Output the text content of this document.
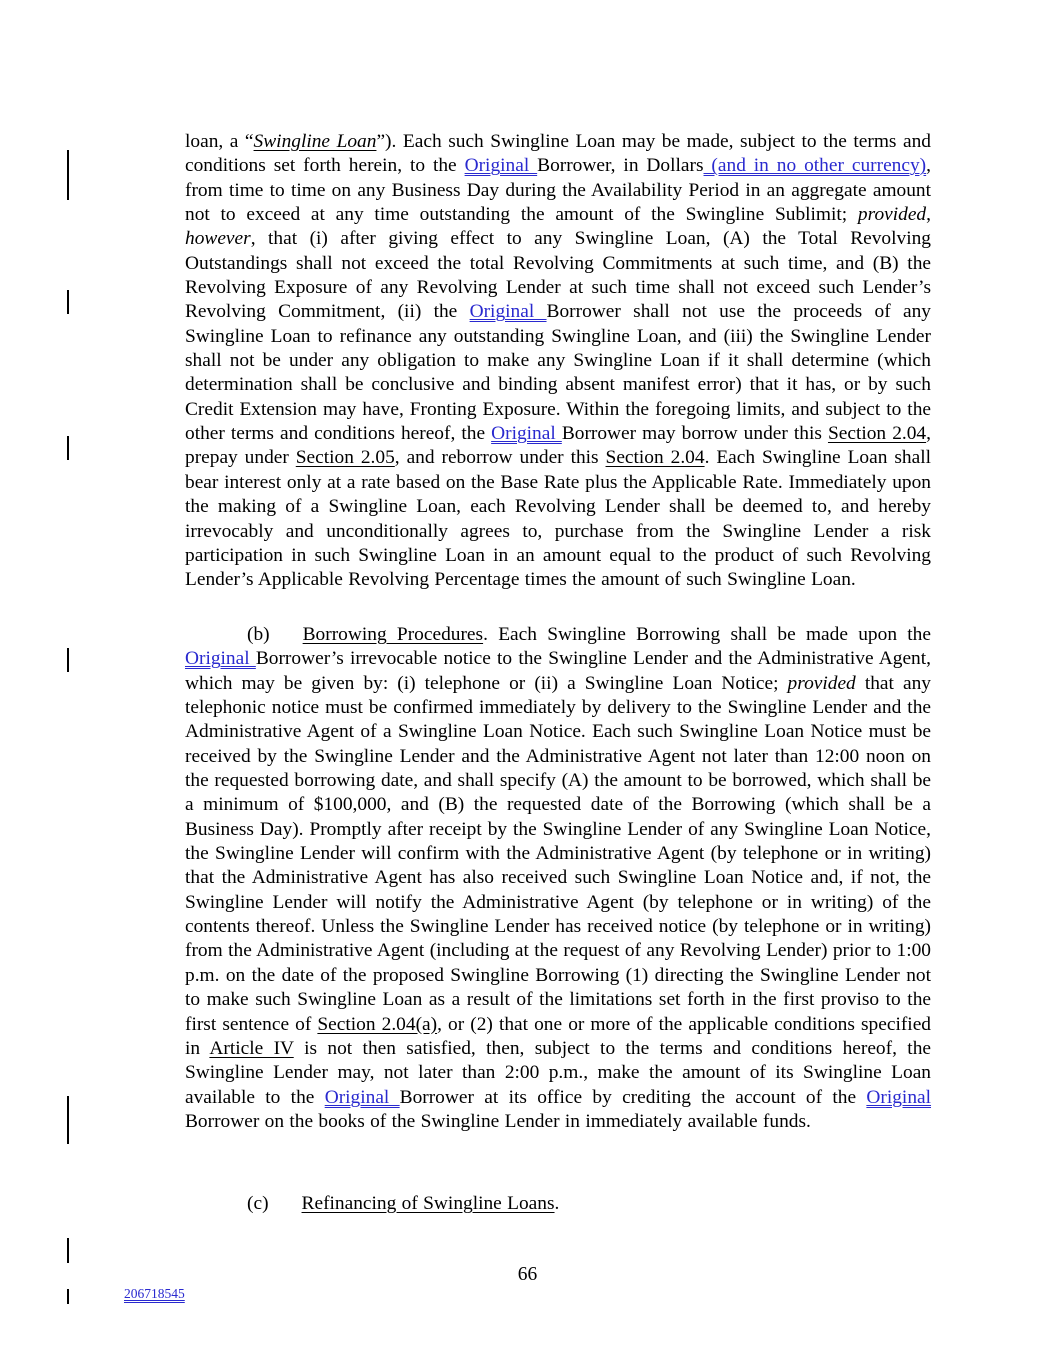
loan, a “Swingline Loan”). Each such Swingline Loan may be made, subject to the terms and conditions set forth herein, to the Original Borrower, in Dollars (and in no other currency), from time to time on any Business Day during the Availability Period in an aggregate amount not to exceed at any time outstanding the amount of the Swingline Sublimit; provided, however, that (i) after giving effect to any Swingline Loan, (A) the Total Revolving Outstandings shall not exceed the total Revolving Commitments at such time, and (B) the Revolving Exposure of any Revolving Lender at such time shall not exceed such Lender’s Revolving Commitment, (ii) the Original Borrower shall not use the proceeds of any Swingline Loan to refinance any outstanding Swingline Loan, and (iii) the Swingline Lender shall not be under any obligation to make any Swingline Loan if it shall determine (which determination shall be conclusive and binding absent manifest error) that it has, or by such Credit Extension may have, Fronting Exposure. Within the foregoing limits, and subject to the other terms and conditions hereof, the Original Borrower may borrow under this Section 2.04, prepay under Section 2.05, and reborrow under this Section 2.04. Each Swingline Loan shall bear interest only at a rate based on the Base Rate plus the Applicable Rate. Immediately upon the making of a Swingline Loan, each Revolving Lender shall be deemed to, and hereby irrevocably and unconditionally agrees to, purchase from the Swingline Lender a risk participation in such Swingline Loan in an amount equal to the product of such Revolving Lender’s Applicable Revolving Percentage times the amount of such Swingline Loan.

(b) Borrowing Procedures. Each Swingline Borrowing shall be made upon the Original Borrower’s irrevocable notice to the Swingline Lender and the Administrative Agent, which may be given by: (i) telephone or (ii) a Swingline Loan Notice; provided that any telephonic notice must be confirmed immediately by delivery to the Swingline Lender and the Administrative Agent of a Swingline Loan Notice. Each such Swingline Loan Notice must be received by the Swingline Lender and the Administrative Agent not later than 12:00 noon on the requested borrowing date, and shall specify (A) the amount to be borrowed, which shall be a minimum of $100,000, and (B) the requested date of the Borrowing (which shall be a Business Day). Promptly after receipt by the Swingline Lender of any Swingline Loan Notice, the Swingline Lender will confirm with the Administrative Agent (by telephone or in writing) that the Administrative Agent has also received such Swingline Loan Notice and, if not, the Swingline Lender will notify the Administrative Agent (by telephone or in writing) of the contents thereof. Unless the Swingline Lender has received notice (by telephone or in writing) from the Administrative Agent (including at the request of any Revolving Lender) prior to 1:00 p.m. on the date of the proposed Swingline Borrowing (1) directing the Swingline Lender not to make such Swingline Loan as a result of the limitations set forth in the first proviso to the first sentence of Section 2.04(a), or (2) that one or more of the applicable conditions specified in Article IV is not then satisfied, then, subject to the terms and conditions hereof, the Swingline Lender may, not later than 2:00 p.m., make the amount of its Swingline Loan available to the Original Borrower at its office by crediting the account of the Original Borrower on the books of the Swingline Lender in immediately available funds.

(c) Refinancing of Swingline Loans.

66
206718545
